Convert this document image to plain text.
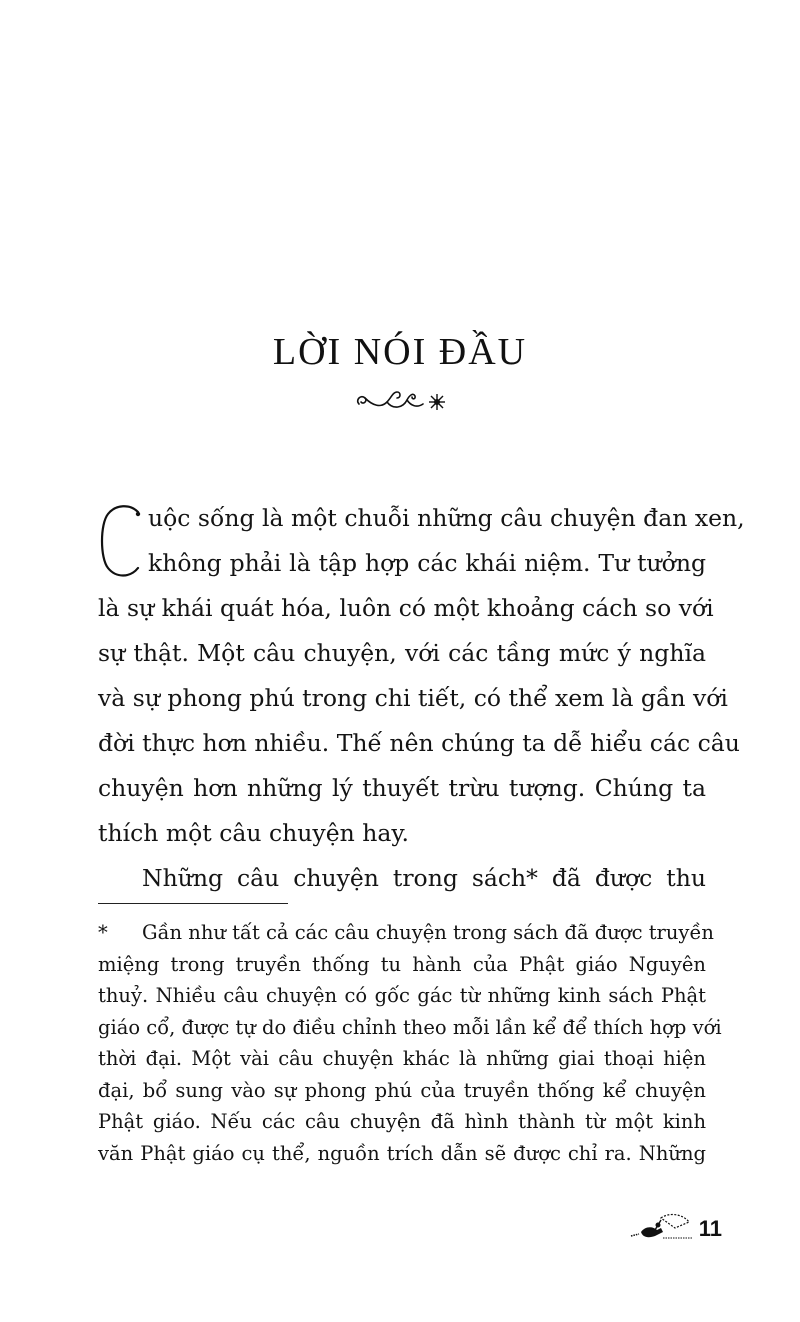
LỜI NÓI ĐẦU
uộc sống là một chuỗi những câu chuyện đan xen,
không phải là tập hợp các khái niệm. Tư tưởng
là sự khái quát hóa, luôn có một khoảng cách so với
sự thật. Một câu chuyện, với các tầng mức ý nghĩa
và sự phong phú trong chi tiết, có thể xem là gần với
đời thực hơn nhiều. Thế nên chúng ta dễ hiểu các câu
chuyện hơn những lý thuyết trừu tượng. Chúng ta
thích một câu chuyện hay.
Những câu chuyện trong sách* đã được thu
* Gần như tất cả các câu chuyện trong sách đã được truyền
miệng trong truyền thống tu hành của Phật giáo Nguyên
thuỷ. Nhiều câu chuyện có gốc gác từ những kinh sách Phật
giáo cổ, được tự do điều chỉnh theo mỗi lần kể để thích hợp với
thời đại. Một vài câu chuyện khác là những giai thoại hiện
đại, bổ sung vào sự phong phú của truyền thống kể chuyện
Phật giáo. Nếu các câu chuyện đã hình thành từ một kinh
văn Phật giáo cụ thể, nguồn trích dẫn sẽ được chỉ ra. Những
11
